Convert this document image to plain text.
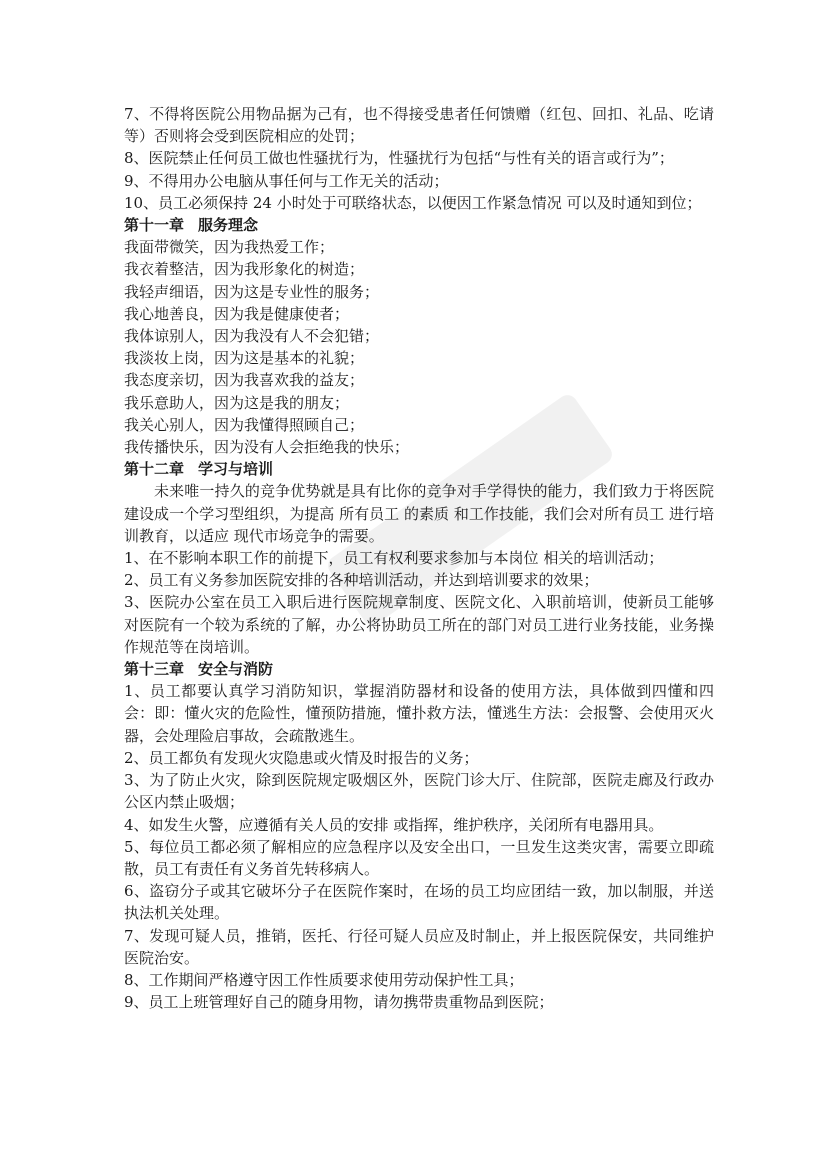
7、不得将医院公用物品据为己有，也不得接受患者任何馈赠（红包、回扣、礼品、吃请等）否则将会受到医院相应的处罚；

8、医院禁止任何员工做也性骚扰行为，性骚扰行为包括“与性有关的语言或行为”；

9、不得用办公电脑从事任何与工作无关的活动；

10、员工必须保持 24 小时处于可联络状态，以便因工作紧急情况 可以及时通知到位；

第十一章 服务理念

我面带微笑，因为我热爱工作；

我衣着整洁，因为我形象化的树造；

我轻声细语，因为这是专业性的服务；

我心地善良，因为我是健康使者；

我体谅别人，因为我没有人不会犯错；

我淡妆上岗，因为这是基本的礼貌；

我态度亲切，因为我喜欢我的益友；

我乐意助人，因为这是我的朋友；

我关心别人，因为我懂得照顾自己；

我传播快乐，因为没有人会拒绝我的快乐；

第十二章 学习与培训

未来唯一持久的竞争优势就是具有比你的竞争对手学得快的能力，我们致力于将医院建设成一个学习型组织，为提高 所有员工 的素质 和工作技能，我们会对所有员工 进行培训教育，以适应 现代市场竞争的需要。

1、在不影响本职工作的前提下，员工有权利要求参加与本岗位 相关的培训活动；

2、员工有义务参加医院安排的各种培训活动，并达到培训要求的效果；

3、医院办公室在员工入职后进行医院规章制度、医院文化、入职前培训，使新员工能够对医院有一个较为系统的了解，办公将协助员工所在的部门对员工进行业务技能，业务操作规范等在岗培训。

第十三章 安全与消防

1、员工都要认真学习消防知识，掌握消防器材和设备的使用方法，具体做到四懂和四会：即：懂火灾的危险性，懂预防措施，懂扑救方法，懂逃生方法：会报警、会使用灭火器，会处理险启事故，会疏散逃生。

2、员工都负有发现火灾隐患或火情及时报告的义务；

3、为了防止火灾，除到医院规定吸烟区外，医院门诊大厅、住院部，医院走廊及行政办公区内禁止吸烟；

4、如发生火警，应遵循有关人员的安排 或指挥，维护秩序，关闭所有电器用具。

5、每位员工都必须了解相应的应急程序以及安全出口，一旦发生这类灾害，需要立即疏散，员工有责任有义务首先转移病人。

6、盗窃分子或其它破坏分子在医院作案时，在场的员工均应团结一致，加以制服，并送执法机关处理。

7、发现可疑人员，推销，医托、行径可疑人员应及时制止，并上报医院保安，共同维护医院治安。

8、工作期间严格遵守因工作性质要求使用劳动保护性工具；

9、员工上班管理好自己的随身用物，请勿携带贵重物品到医院；
